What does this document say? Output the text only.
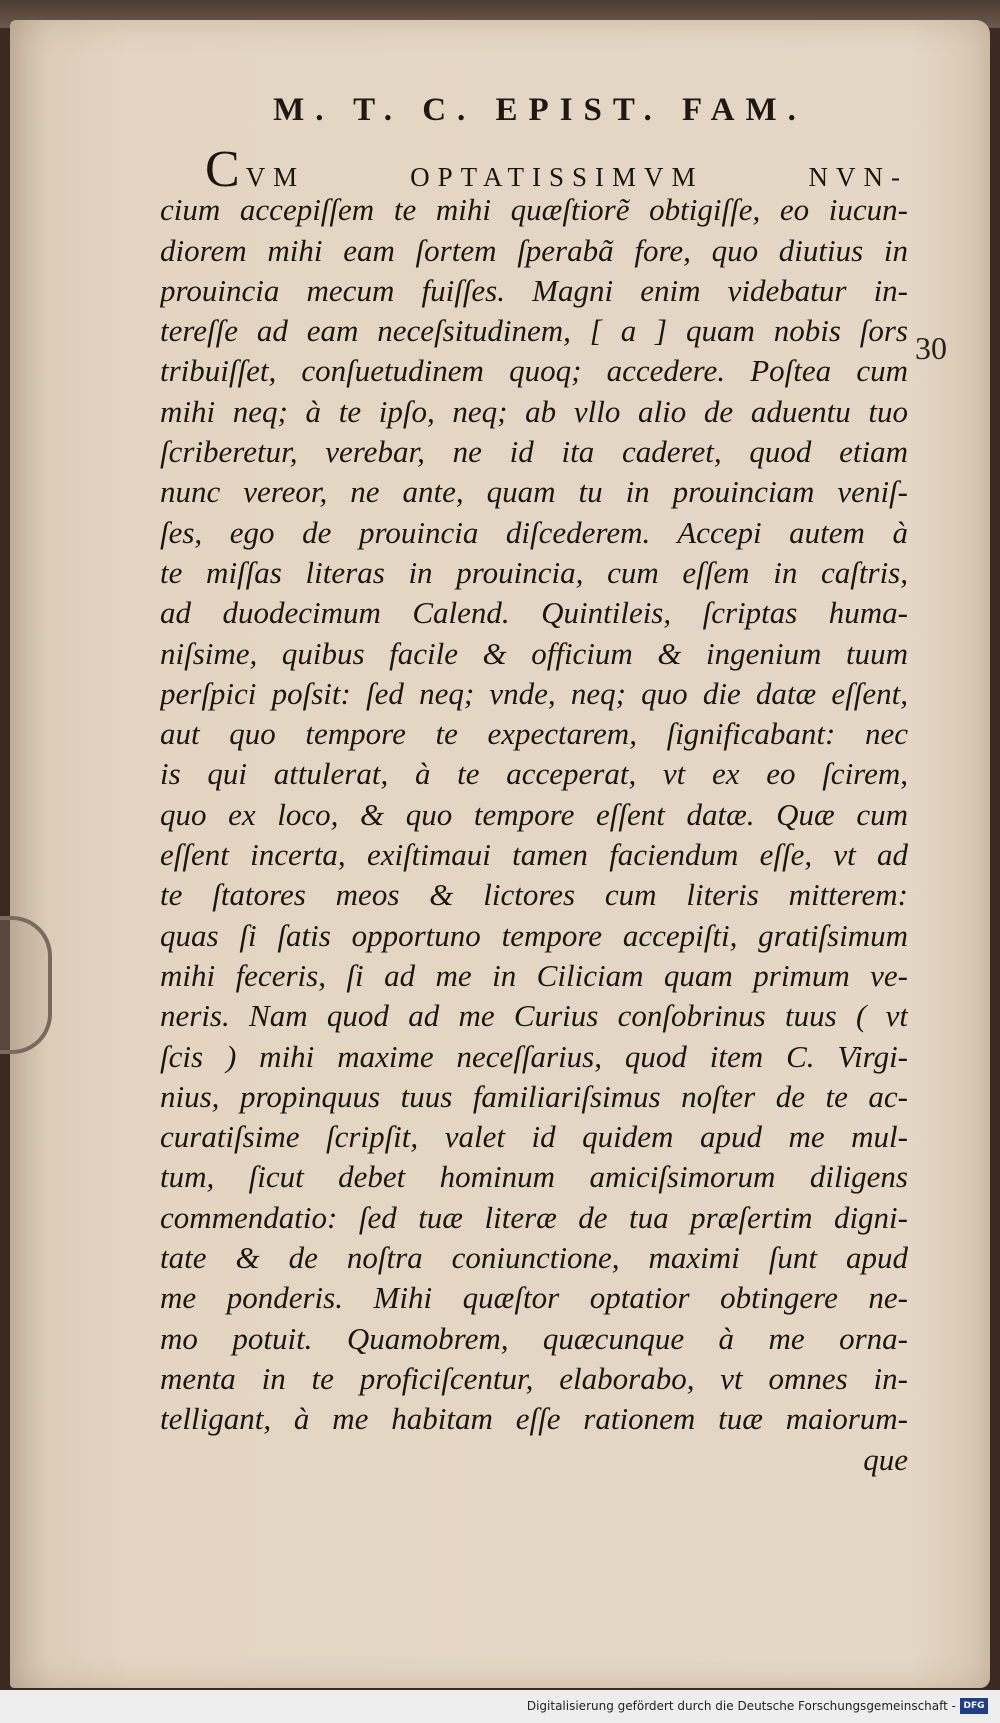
M. T. C. EPIST. FAM.
30
CVM OPTATISSIMVM NVN-
cium accepiſſem te mihi quæſtiorẽ obtigiſſe, eo iucun-
diorem mihi eam ſortem ſperabã fore, quo diutius in
prouincia mecum fuiſſes. Magni enim videbatur in-
tereſſe ad eam neceſsitudinem, [ a ] quam nobis ſors
tribuiſſet, conſuetudinem quoq; accedere. Poſtea cum
mihi neq; à te ipſo, neq; ab vllo alio de aduentu tuo
ſcriberetur, verebar, ne id ita caderet, quod etiam
nunc vereor, ne ante, quam tu in prouinciam veniſ-
ſes, ego de prouincia diſcederem. Accepi autem à
te miſſas literas in prouincia, cum eſſem in caſtris,
ad duodecimum Calend. Quintileis, ſcriptas huma-
niſsime, quibus facile & officium & ingenium tuum
perſpici poſsit: ſed neq; vnde, neq; quo die datæ eſſent,
aut quo tempore te expectarem, ſignificabant: nec
is qui attulerat, à te acceperat, vt ex eo ſcirem,
quo ex loco, & quo tempore eſſent datæ. Quæ cum
eſſent incerta, exiſtimaui tamen faciendum eſſe, vt ad
te ſtatores meos & lictores cum literis mitterem:
quas ſi ſatis opportuno tempore accepiſti, gratiſsimum
mihi feceris, ſi ad me in Ciliciam quam primum ve-
neris. Nam quod ad me Curius conſobrinus tuus ( vt
ſcis ) mihi maxime neceſſarius, quod item C. Virgi-
nius, propinquus tuus familiariſsimus noſter de te ac-
curatiſsime ſcripſit, valet id quidem apud me mul-
tum, ſicut debet hominum amiciſsimorum diligens
commendatio: ſed tuæ literæ de tua præſertim digni-
tate & de noſtra coniunctione, maximi ſunt apud
me ponderis. Mihi quæſtor optatior obtingere ne-
mo potuit. Quamobrem, quæcunque à me orna-
menta in te proficiſcentur, elaborabo, vt omnes in-
telligant, à me habitam eſſe rationem tuæ maiorum-
que
Digitalisierung gefördert durch die Deutsche Forschungsgemeinschaft - DFG
